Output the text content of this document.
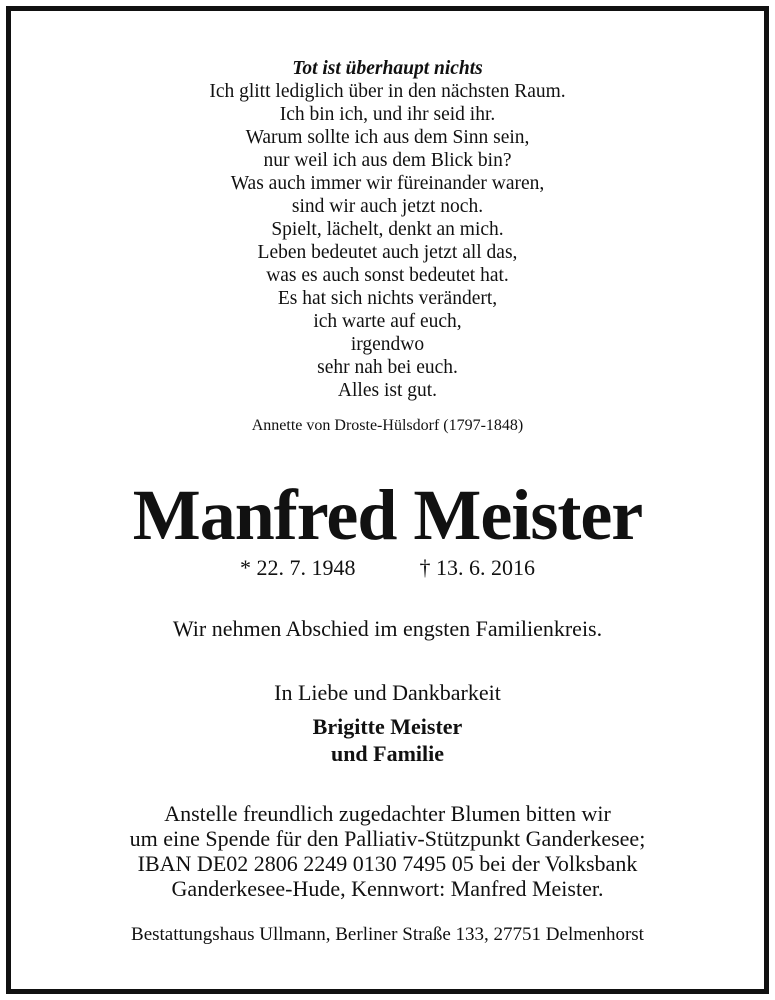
Tot ist überhaupt nichts
Ich glitt lediglich über in den nächsten Raum.
Ich bin ich, und ihr seid ihr.
Warum sollte ich aus dem Sinn sein,
nur weil ich aus dem Blick bin?
Was auch immer wir füreinander waren,
sind wir auch jetzt noch.
Spielt, lächelt, denkt an mich.
Leben bedeutet auch jetzt all das,
was es auch sonst bedeutet hat.
Es hat sich nichts verändert,
ich warte auf euch,
irgendwo
sehr nah bei euch.
Alles ist gut.
Annette von Droste-Hülsdorf (1797-1848)
Manfred Meister
* 22. 7. 1948	† 13. 6. 2016
Wir nehmen Abschied im engsten Familienkreis.
In Liebe und Dankbarkeit
Brigitte Meister
und Familie
Anstelle freundlich zugedachter Blumen bitten wir
um eine Spende für den Palliativ-Stützpunkt Ganderkesee;
IBAN DE02 2806 2249 0130 7495 05 bei der Volksbank
Ganderkesee-Hude, Kennwort: Manfred Meister.
Bestattungshaus Ullmann, Berliner Straße 133, 27751 Delmenhorst
